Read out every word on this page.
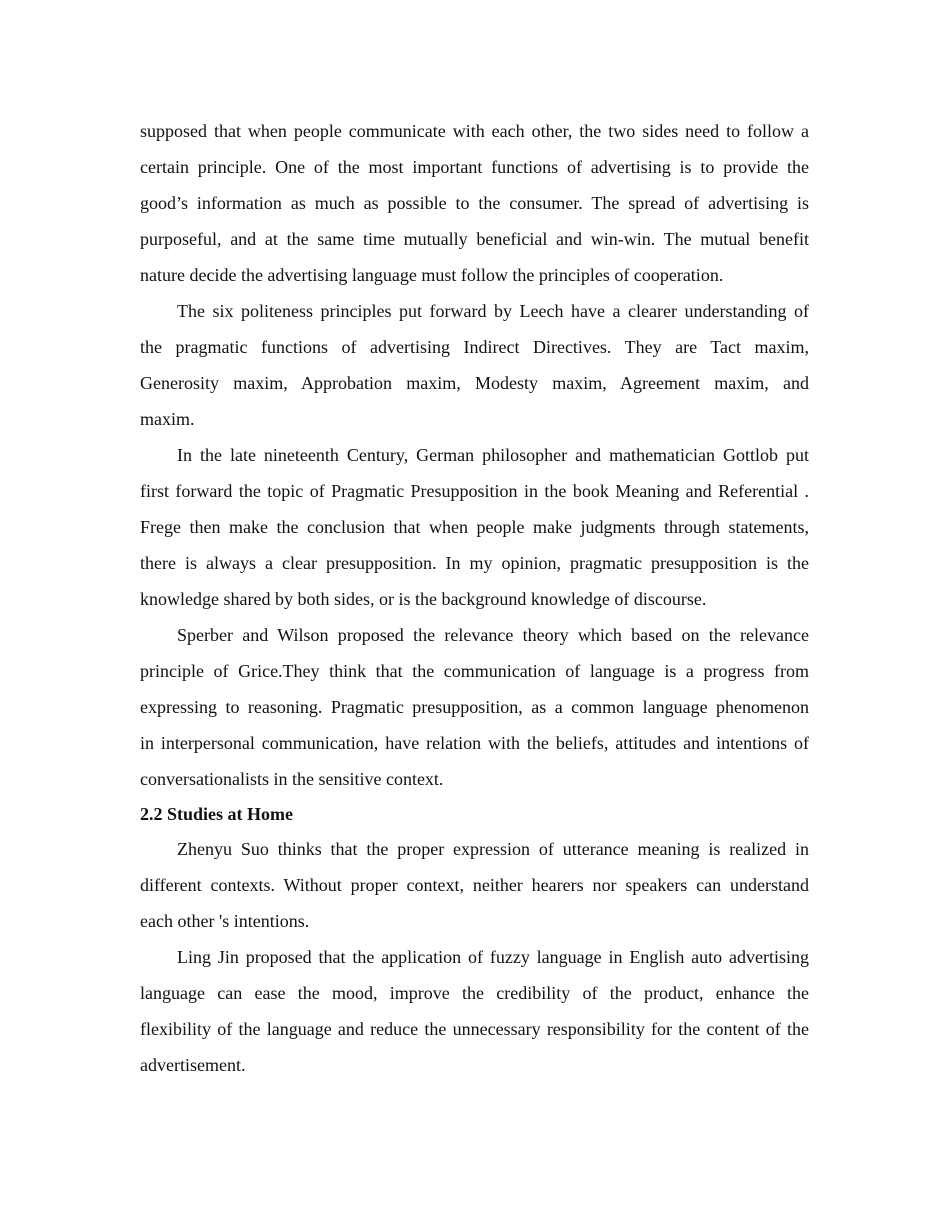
supposed that when people communicate with each other, the two sides need to follow a
certain principle. One of the most important functions of advertising is to provide the
good’s information as much as possible to the consumer. The spread of advertising is
purposeful, and at the same time mutually beneficial and win-win. The mutual benefit
nature decide the advertising language must follow the principles of cooperation.
The six politeness principles put forward by Leech have a clearer understanding of
the pragmatic functions of advertising Indirect Directives. They are Tact maxim,
Generosity maxim, Approbation maxim, Modesty maxim, Agreement maxim, and
maxim.
In the late nineteenth Century, German philosopher and mathematician Gottlob put
first forward the topic of Pragmatic Presupposition in the book Meaning and Referential .
Frege then make the conclusion that when people make judgments through statements,
there is always a clear presupposition. In my opinion, pragmatic presupposition is the
knowledge shared by both sides, or is the background knowledge of discourse.
Sperber and Wilson proposed the relevance theory which based on the relevance
principle of Grice.They think that the communication of language is a progress from
expressing to reasoning. Pragmatic presupposition, as a common language phenomenon
in interpersonal communication, have relation with the beliefs, attitudes and intentions of
conversationalists in the sensitive context.
2.2 Studies at Home
Zhenyu Suo thinks that the proper expression of utterance meaning is realized in
different contexts. Without proper context, neither hearers nor speakers can understand
each other 's intentions.
Ling Jin proposed that the application of fuzzy language in English auto advertising
language can ease the mood, improve the credibility of the product, enhance the
flexibility of the language and reduce the unnecessary responsibility for the content of the
advertisement.
